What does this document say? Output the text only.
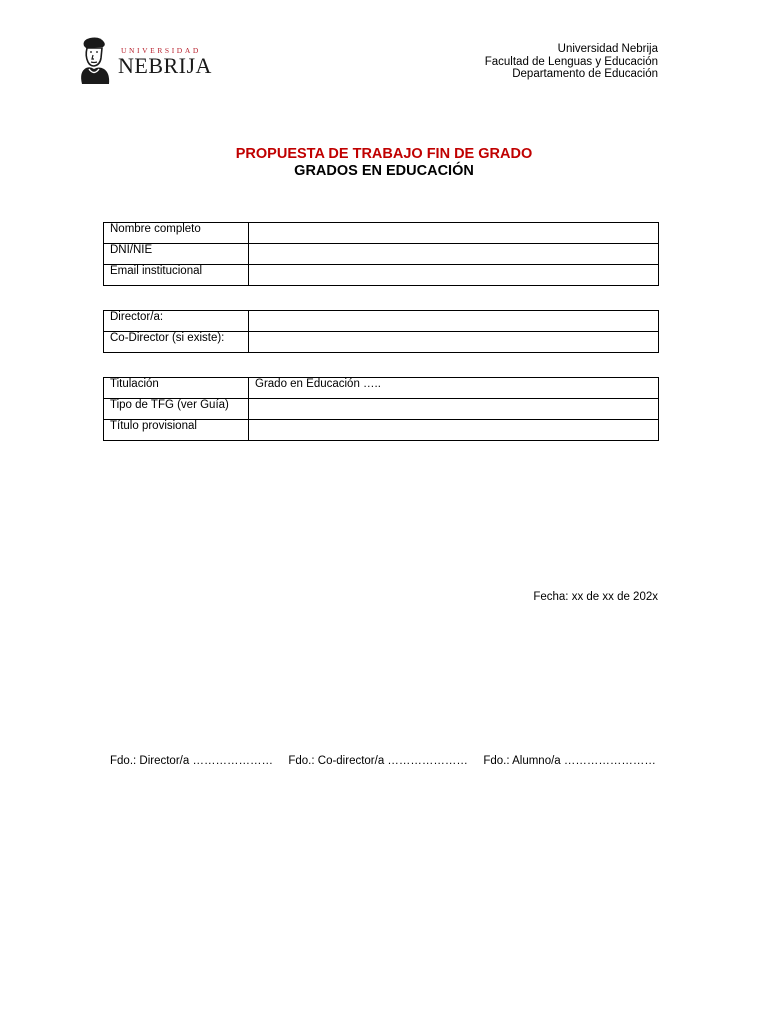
UNIVERSIDAD
NEBRIJA
Universidad Nebrija
Facultad de Lenguas y Educación
Departamento de Educación
PROPUESTA DE TRABAJO FIN DE GRADO
GRADOS EN EDUCACIÓN
Nombre completo	
DNI/NIE	
Email institucional	
Director/a:	
Co-Director (si existe):	
Titulación	Grado en Educación …..
Tipo de TFG (ver Guía)	
Título provisional	
Fecha: xx de xx de 202x
Fdo.: Director/a ………………… Fdo.: Co-director/a ………………… Fdo.: Alumno/a ……………………
